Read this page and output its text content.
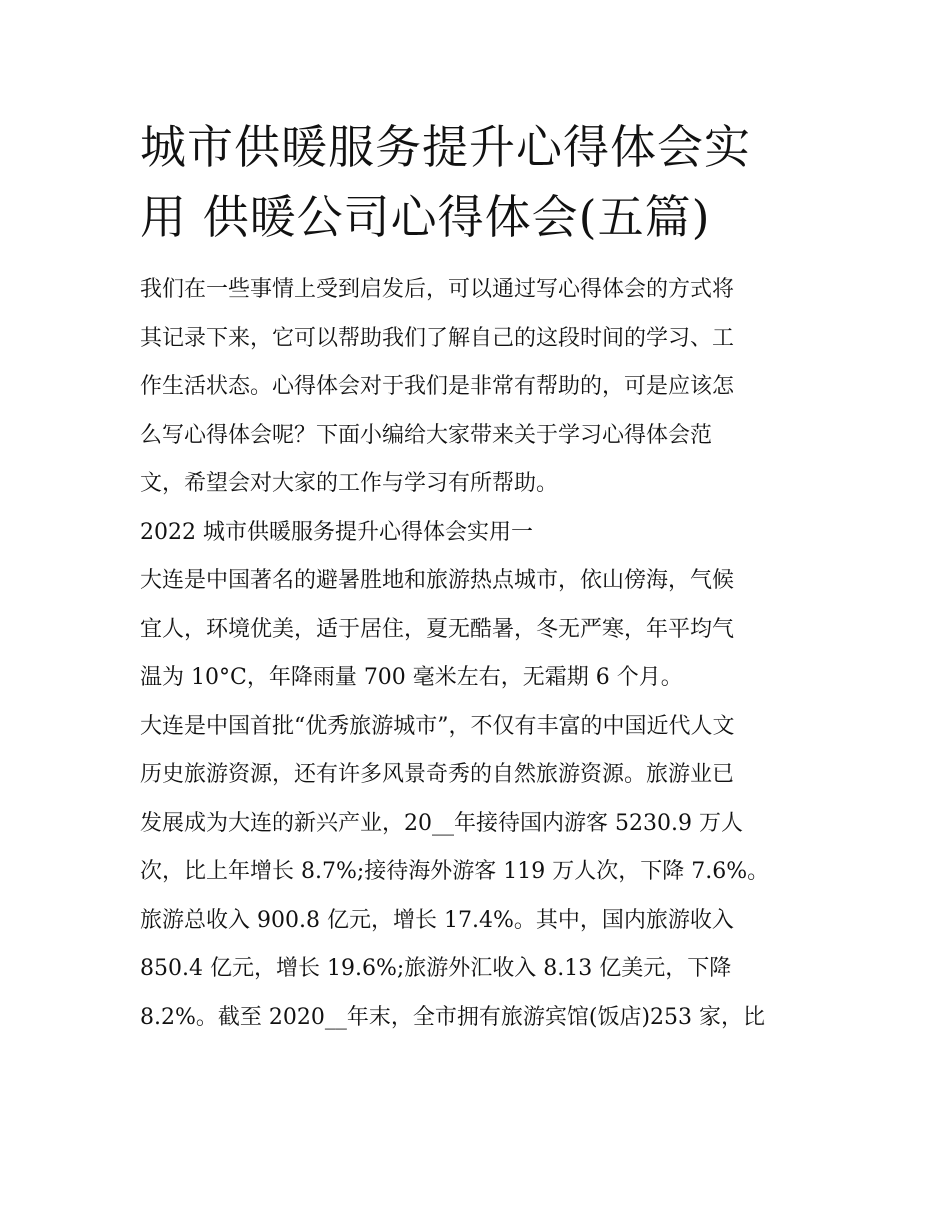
城市供暖服务提升心得体会实
用 供暖公司心得体会(五篇)

我们在一些事情上受到启发后，可以通过写心得体会的方式将
其记录下来，它可以帮助我们了解自己的这段时间的学习、工
作生活状态。心得体会对于我们是非常有帮助的，可是应该怎
么写心得体会呢？下面小编给大家带来关于学习心得体会范
文，希望会对大家的工作与学习有所帮助。

2022 城市供暖服务提升心得体会实用一

大连是中国著名的避暑胜地和旅游热点城市，依山傍海，气候
宜人，环境优美，适于居住，夏无酷暑，冬无严寒，年平均气
温为 10°C，年降雨量 700 毫米左右，无霜期 6 个月。

大连是中国首批“优秀旅游城市”，不仅有丰富的中国近代人文
历史旅游资源，还有许多风景奇秀的自然旅游资源。旅游业已
发展成为大连的新兴产业，20__年接待国内游客 5230.9 万人
次，比上年增长 8.7%;接待海外游客 119 万人次，下降 7.6%。
旅游总收入 900.8 亿元，增长 17.4%。其中，国内旅游收入
850.4 亿元，增长 19.6%;旅游外汇收入 8.13 亿美元，下降
8.2%。截至 2020__年末，全市拥有旅游宾馆(饭店)253 家，比
